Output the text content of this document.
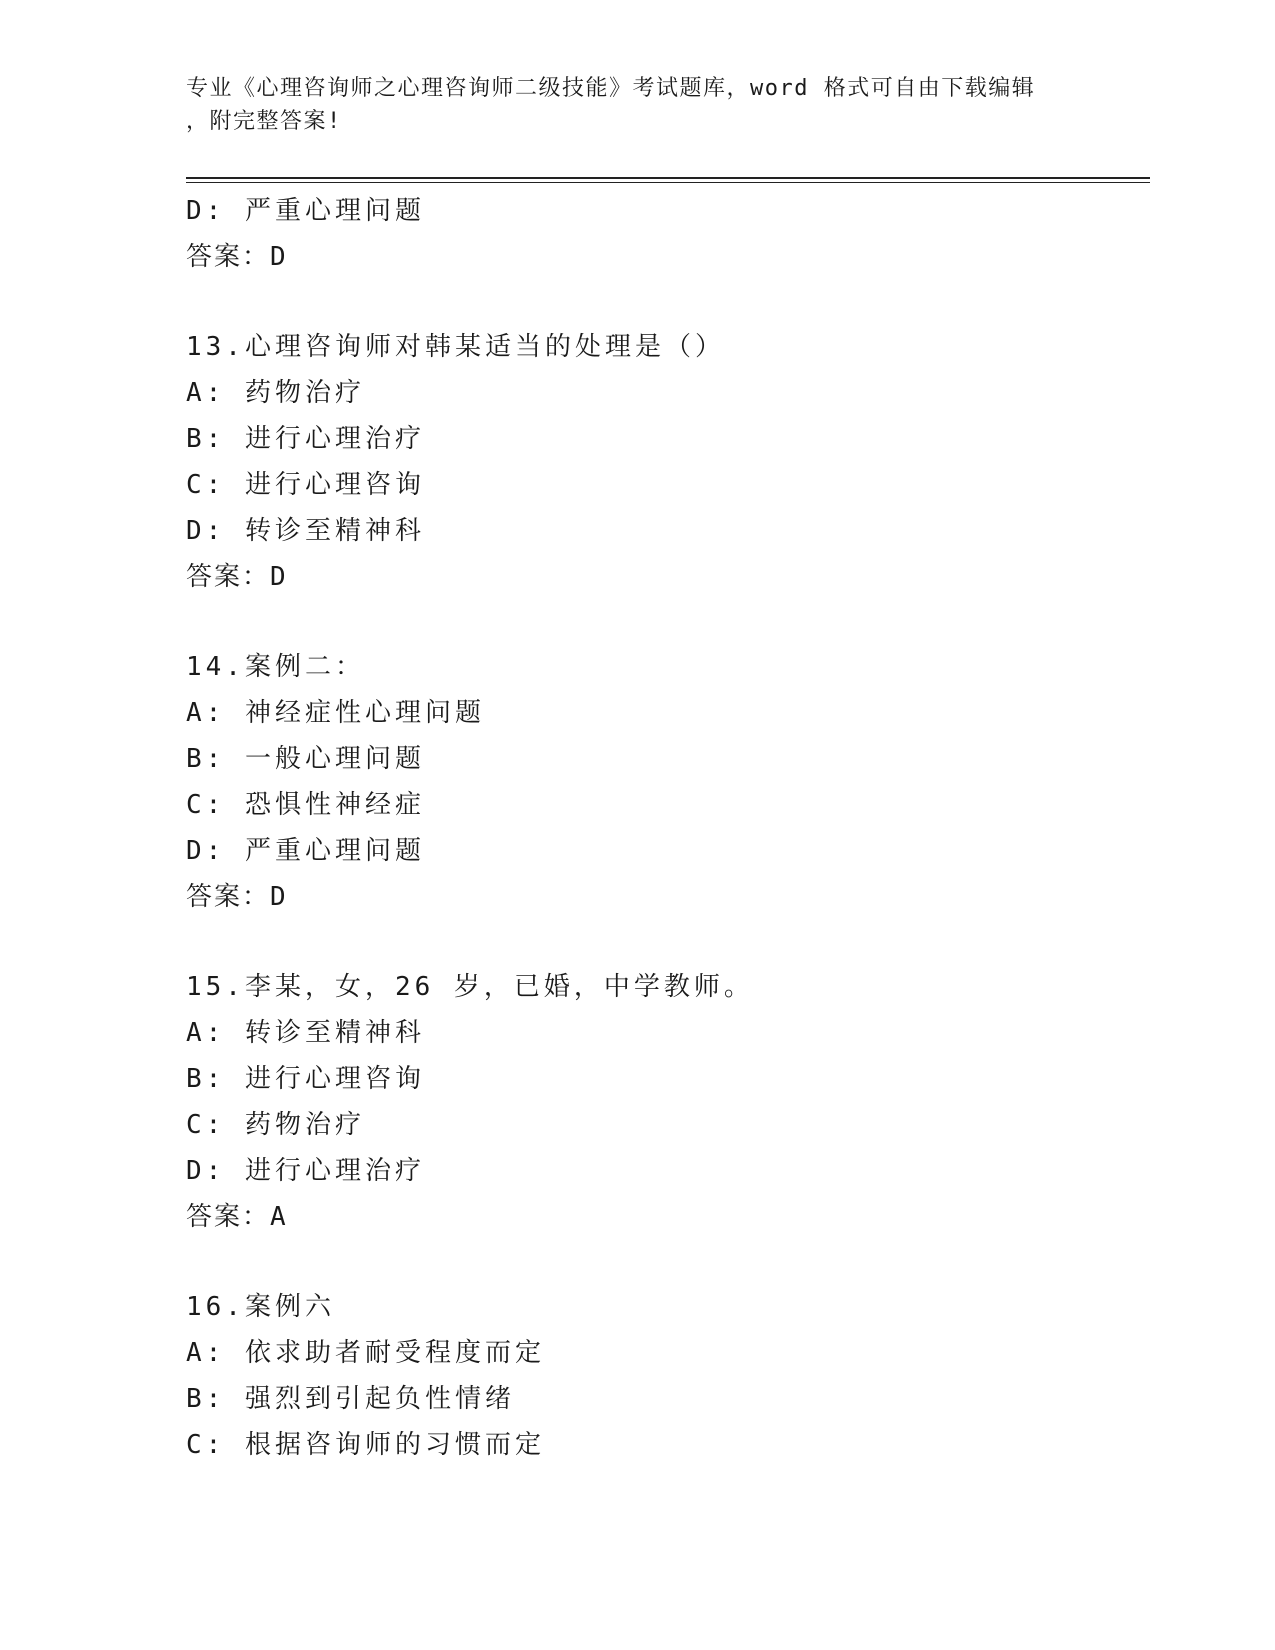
专业《心理咨询师之心理咨询师二级技能》考试题库，word 格式可自由下载编辑
，附完整答案!
D: 严重心理问题
答案：D
13.心理咨询师对韩某适当的处理是（）
A: 药物治疗
B: 进行心理治疗
C: 进行心理咨询
D: 转诊至精神科
答案：D
14.案例二：
A: 神经症性心理问题
B: 一般心理问题
C: 恐惧性神经症
D: 严重心理问题
答案：D
15.李某，女，26 岁，已婚，中学教师。
A: 转诊至精神科
B: 进行心理咨询
C: 药物治疗
D: 进行心理治疗
答案：A
16.案例六
A: 依求助者耐受程度而定
B: 强烈到引起负性情绪
C: 根据咨询师的习惯而定
